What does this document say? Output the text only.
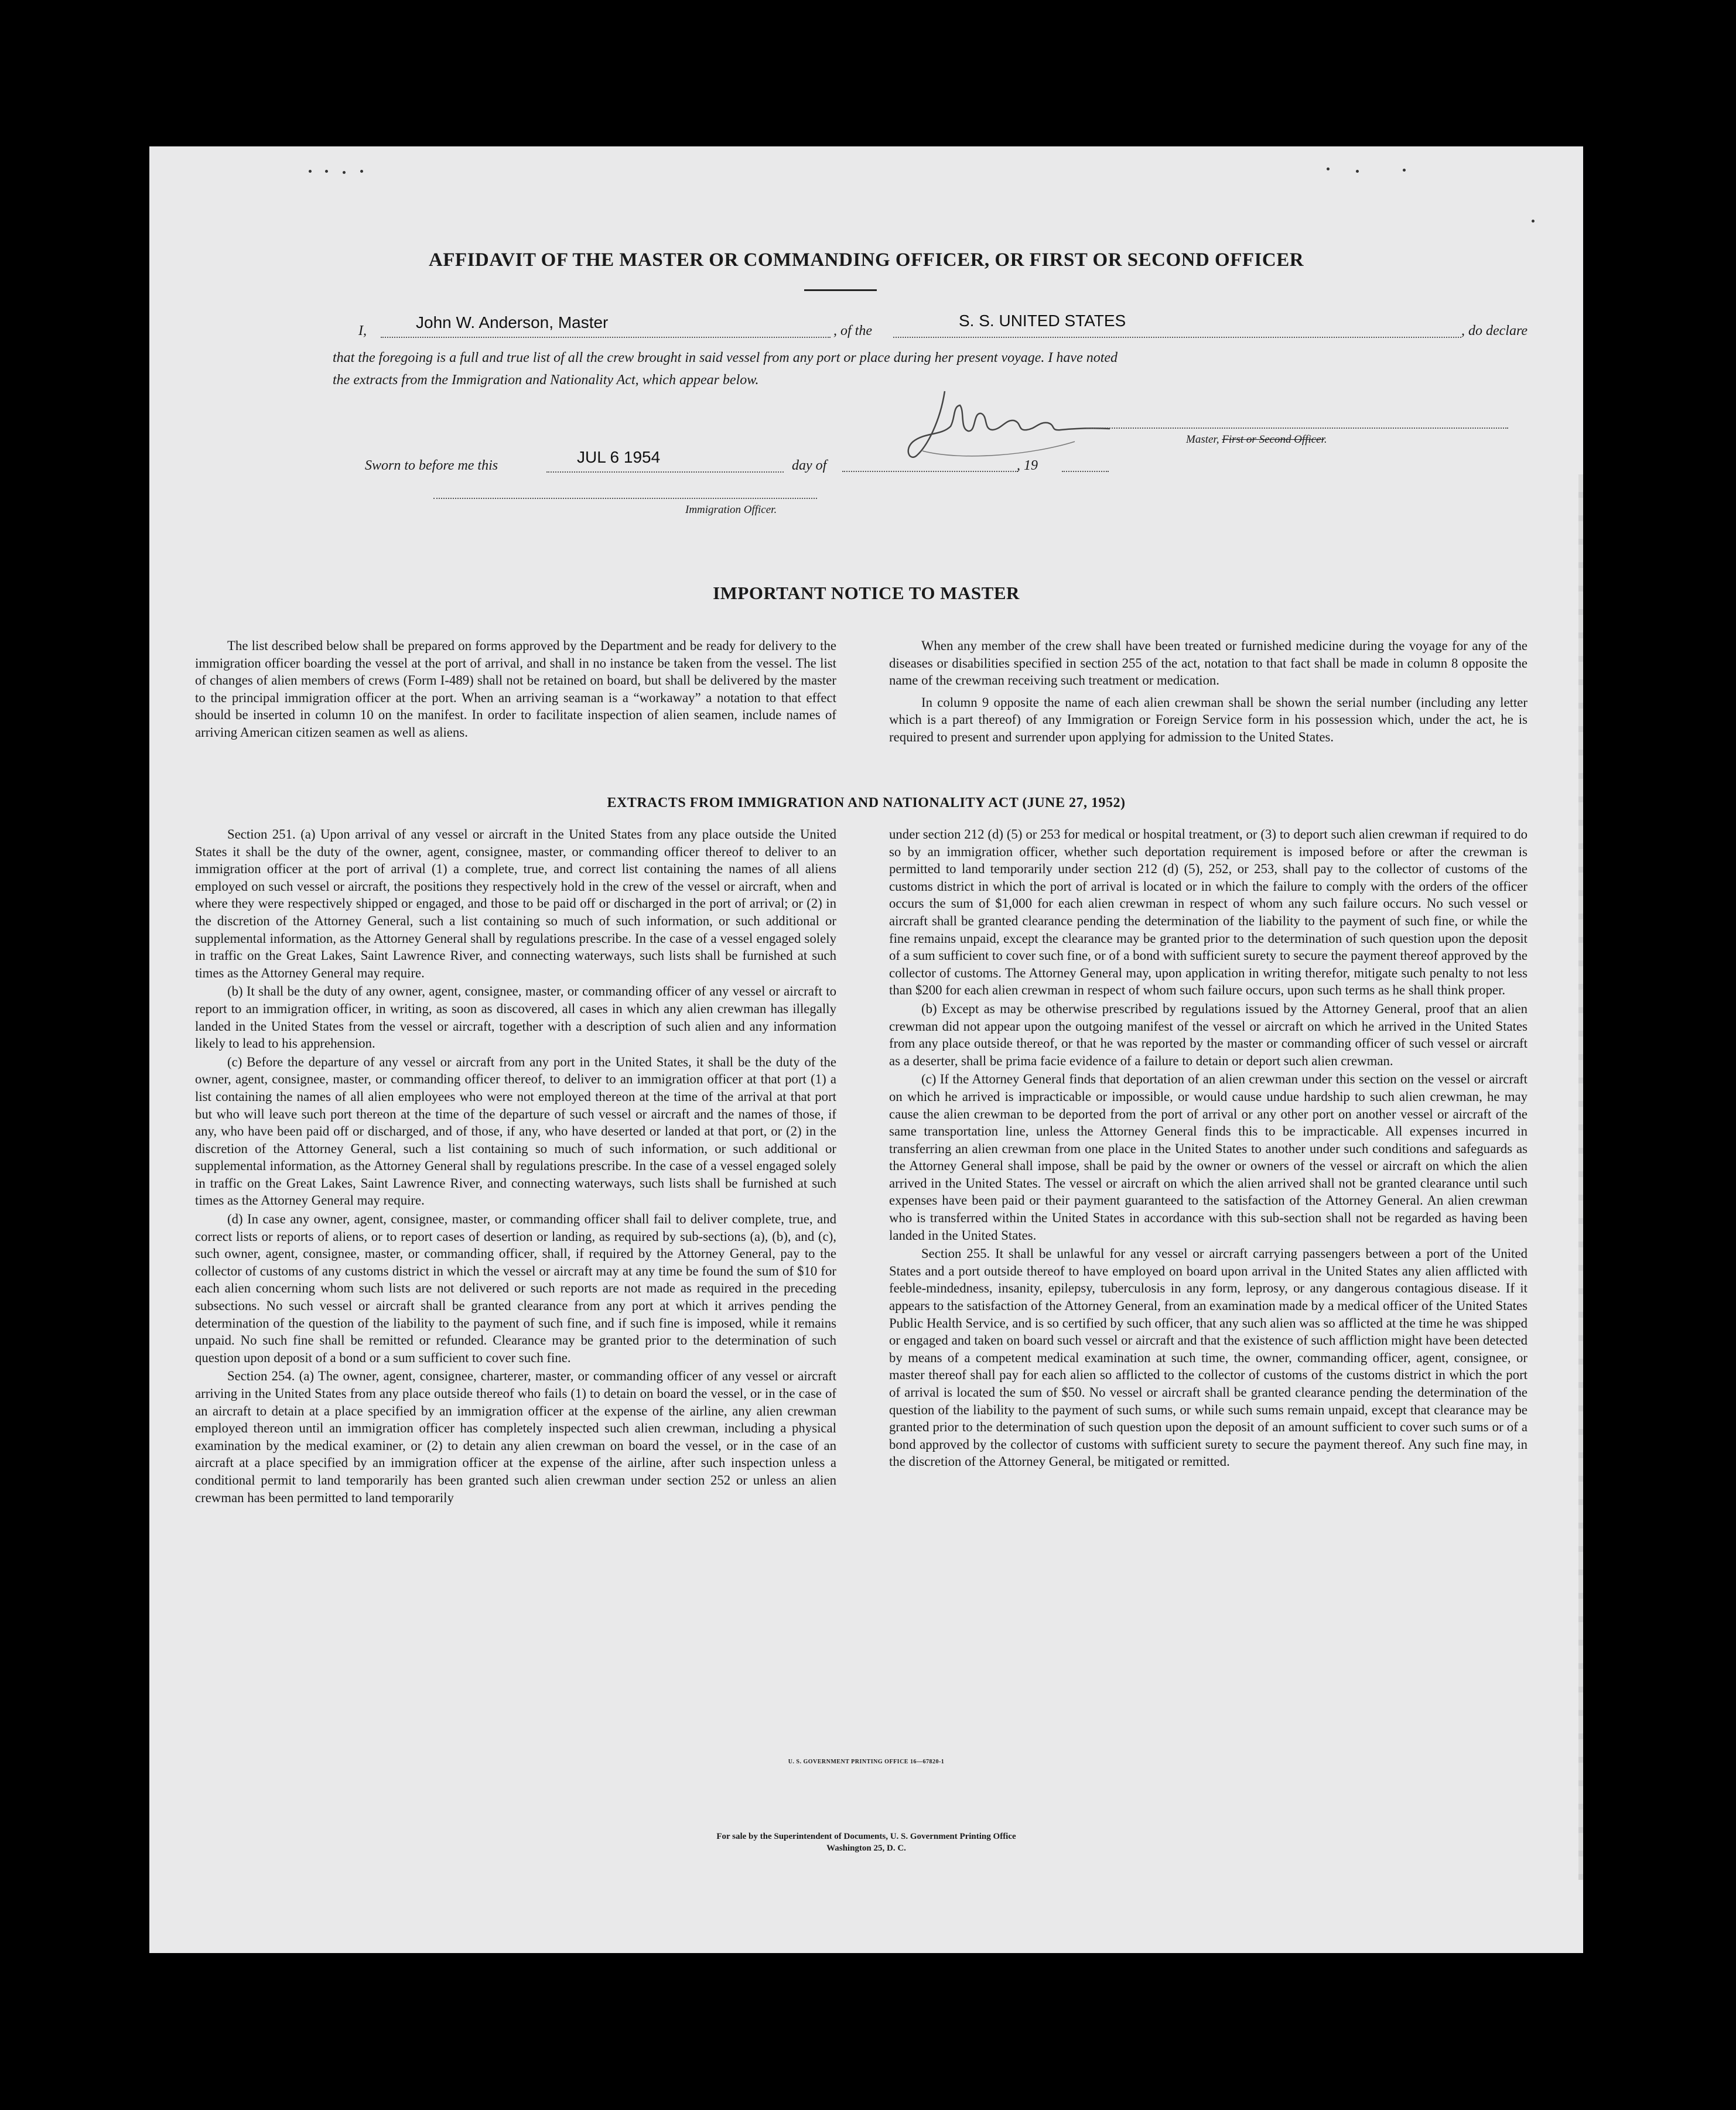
AFFIDAVIT OF THE MASTER OR COMMANDING OFFICER, OR FIRST OR SECOND OFFICER
I,	John W. Anderson, Master	, of the
S. S. UNITED STATES
, do declare
that the foregoing is a full and true list of all the crew brought in said vessel from any port or place during her present voyage. I have noted
the extracts from the Immigration and Nationality Act, which appear below.
Master, First or Second Officer.
Sworn to before me this	JUL 6 1954	day of	, 19
Immigration Officer.
IMPORTANT NOTICE TO MASTER

The list described below shall be prepared on forms approved by the Department and be ready for delivery to the immigration officer boarding the vessel at the port of arrival, and shall in no instance be taken from the vessel. The list of changes of alien members of crews (Form I-489) shall not be retained on board, but shall be delivered by the master to the principal immigration officer at the port. When an arriving seaman is a “workaway” a notation to that effect should be inserted in column 10 on the manifest. In order to facilitate inspection of alien seamen, include names of arriving American citizen seamen as well as aliens.

When any member of the crew shall have been treated or furnished medicine during the voyage for any of the diseases or disabilities specified in section 255 of the act, notation to that fact shall be made in column 8 opposite the name of the crewman receiving such treatment or medication.

In column 9 opposite the name of each alien crewman shall be shown the serial number (including any letter which is a part thereof) of any Immigration or Foreign Service form in his possession which, under the act, he is required to present and surrender upon applying for admission to the United States.

EXTRACTS FROM IMMIGRATION AND NATIONALITY ACT (JUNE 27, 1952)

Section 251. (a) Upon arrival of any vessel or aircraft in the United States from any place outside the United States it shall be the duty of the owner, agent, consignee, master, or commanding officer thereof to deliver to an immigration officer at the port of arrival (1) a complete, true, and correct list containing the names of all aliens employed on such vessel or aircraft, the positions they respectively hold in the crew of the vessel or aircraft, when and where they were respectively shipped or engaged, and those to be paid off or discharged in the port of arrival; or (2) in the discretion of the Attorney General, such a list containing so much of such information, or such additional or supplemental information, as the Attorney General shall by regulations prescribe. In the case of a vessel engaged solely in traffic on the Great Lakes, Saint Lawrence River, and connecting waterways, such lists shall be furnished at such times as the Attorney General may require.

(b) It shall be the duty of any owner, agent, consignee, master, or commanding officer of any vessel or aircraft to report to an immigration officer, in writing, as soon as discovered, all cases in which any alien crewman has illegally landed in the United States from the vessel or aircraft, together with a description of such alien and any information likely to lead to his apprehension.

(c) Before the departure of any vessel or aircraft from any port in the United States, it shall be the duty of the owner, agent, consignee, master, or commanding officer thereof, to deliver to an immigration officer at that port (1) a list containing the names of all alien employees who were not employed thereon at the time of the arrival at that port but who will leave such port thereon at the time of the departure of such vessel or aircraft and the names of those, if any, who have been paid off or discharged, and of those, if any, who have deserted or landed at that port, or (2) in the discretion of the Attorney General, such a list containing so much of such information, or such additional or supplemental information, as the Attorney General shall by regulations prescribe. In the case of a vessel engaged solely in traffic on the Great Lakes, Saint Lawrence River, and connecting waterways, such lists shall be furnished at such times as the Attorney General may require.

(d) In case any owner, agent, consignee, master, or commanding officer shall fail to deliver complete, true, and correct lists or reports of aliens, or to report cases of desertion or landing, as required by sub-sections (a), (b), and (c), such owner, agent, consignee, master, or commanding officer, shall, if required by the Attorney General, pay to the collector of customs of any customs district in which the vessel or aircraft may at any time be found the sum of $10 for each alien concerning whom such lists are not delivered or such reports are not made as required in the preceding subsections. No such vessel or aircraft shall be granted clearance from any port at which it arrives pending the determination of the question of the liability to the payment of such fine, and if such fine is imposed, while it remains unpaid. No such fine shall be remitted or refunded. Clearance may be granted prior to the determination of such question upon deposit of a bond or a sum sufficient to cover such fine.

Section 254. (a) The owner, agent, consignee, charterer, master, or commanding officer of any vessel or aircraft arriving in the United States from any place outside thereof who fails (1) to detain on board the vessel, or in the case of an aircraft to detain at a place specified by an immigration officer at the expense of the airline, any alien crewman employed thereon until an immigration officer has completely inspected such alien crewman, including a physical examination by the medical examiner, or (2) to detain any alien crewman on board the vessel, or in the case of an aircraft at a place specified by an immigration officer at the expense of the airline, after such inspection unless a conditional permit to land temporarily has been granted such alien crewman under section 252 or unless an alien crewman has been permitted to land temporarily

under section 212 (d) (5) or 253 for medical or hospital treatment, or (3) to deport such alien crewman if required to do so by an immigration officer, whether such deportation requirement is imposed before or after the crewman is permitted to land temporarily under section 212 (d) (5), 252, or 253, shall pay to the collector of customs of the customs district in which the port of arrival is located or in which the failure to comply with the orders of the officer occurs the sum of $1,000 for each alien crewman in respect of whom any such failure occurs. No such vessel or aircraft shall be granted clearance pending the determination of the liability to the payment of such fine, or while the fine remains unpaid, except the clearance may be granted prior to the determination of such question upon the deposit of a sum sufficient to cover such fine, or of a bond with sufficient surety to secure the payment thereof approved by the collector of customs. The Attorney General may, upon application in writing therefor, mitigate such penalty to not less than $200 for each alien crewman in respect of whom such failure occurs, upon such terms as he shall think proper.

(b) Except as may be otherwise prescribed by regulations issued by the Attorney General, proof that an alien crewman did not appear upon the outgoing manifest of the vessel or aircraft on which he arrived in the United States from any place outside thereof, or that he was reported by the master or commanding officer of such vessel or aircraft as a deserter, shall be prima facie evidence of a failure to detain or deport such alien crewman.

(c) If the Attorney General finds that deportation of an alien crewman under this section on the vessel or aircraft on which he arrived is impracticable or impossible, or would cause undue hardship to such alien crewman, he may cause the alien crewman to be deported from the port of arrival or any other port on another vessel or aircraft of the same transportation line, unless the Attorney General finds this to be impracticable. All expenses incurred in transferring an alien crewman from one place in the United States to another under such conditions and safeguards as the Attorney General shall impose, shall be paid by the owner or owners of the vessel or aircraft on which the alien arrived in the United States. The vessel or aircraft on which the alien arrived shall not be granted clearance until such expenses have been paid or their payment guaranteed to the satisfaction of the Attorney General. An alien crewman who is transferred within the United States in accordance with this sub-section shall not be regarded as having been landed in the United States.

Section 255. It shall be unlawful for any vessel or aircraft carrying passengers between a port of the United States and a port outside thereof to have employed on board upon arrival in the United States any alien afflicted with feeble-mindedness, insanity, epilepsy, tuberculosis in any form, leprosy, or any dangerous contagious disease. If it appears to the satisfaction of the Attorney General, from an examination made by a medical officer of the United States Public Health Service, and is so certified by such officer, that any such alien was so afflicted at the time he was shipped or engaged and taken on board such vessel or aircraft and that the existence of such affliction might have been detected by means of a competent medical examination at such time, the owner, commanding officer, agent, consignee, or master thereof shall pay for each alien so afflicted to the collector of customs of the customs district in which the port of arrival is located the sum of $50. No vessel or aircraft shall be granted clearance pending the determination of the question of the liability to the payment of such sums, or while such sums remain unpaid, except that clearance may be granted prior to the determination of such question upon the deposit of an amount sufficient to cover such sums or of a bond approved by the collector of customs with sufficient surety to secure the payment thereof. Any such fine may, in the discretion of the Attorney General, be mitigated or remitted.

U. S. GOVERNMENT PRINTING OFFICE 16—67820-1
For sale by the Superintendent of Documents, U. S. Government Printing Office
Washington 25, D. C.
